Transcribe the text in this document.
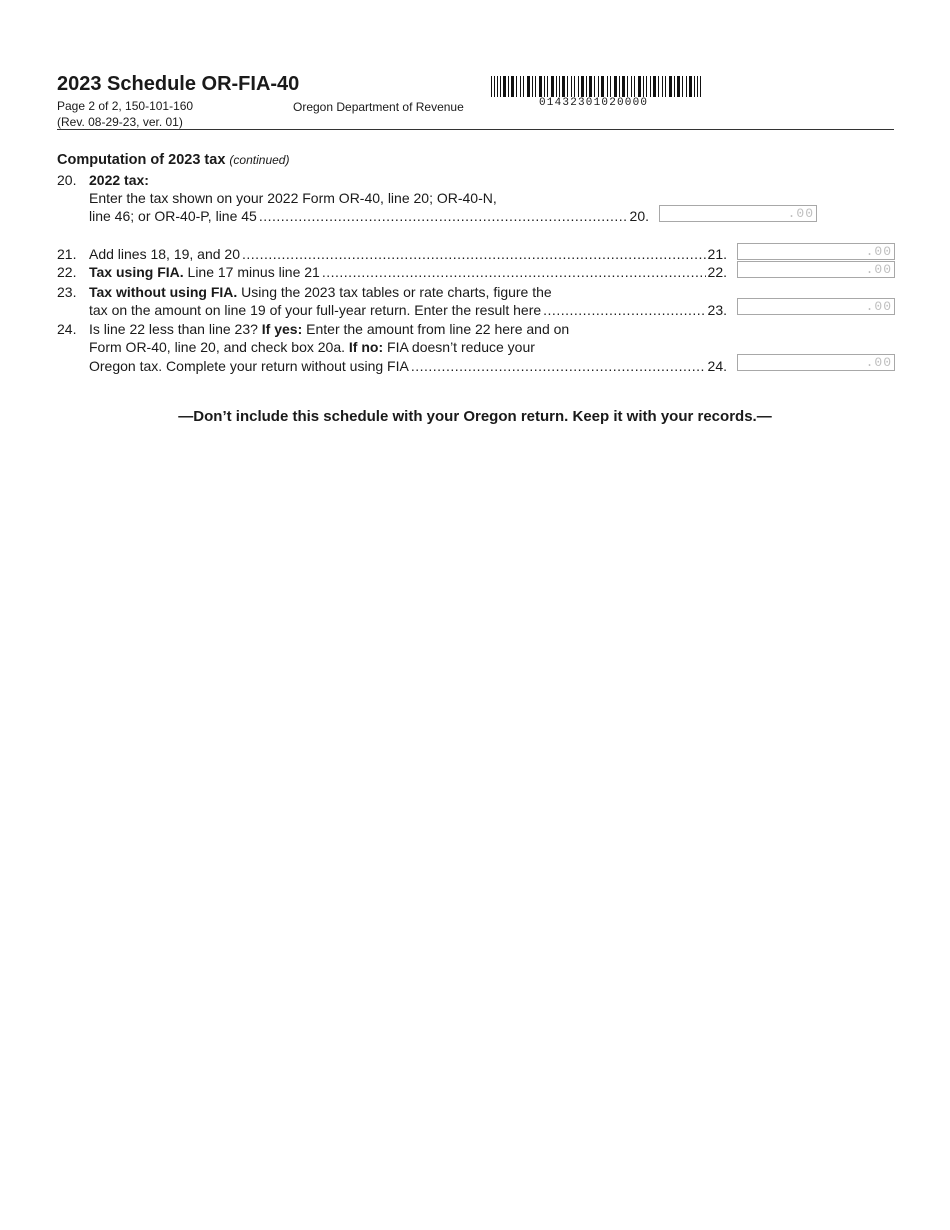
2023 Schedule OR-FIA-40
Page 2 of 2, 150-101-160
(Rev. 08-29-23, ver. 01)
Oregon Department of Revenue	01432301020000
Computation of 2023 tax (continued)
20. 2022 tax:
Enter the tax shown on your 2022 Form OR-40, line 20; OR-40-N,
line 46; or OR-40-P, line 45 .....	20.	.00
21. Add lines 18, 19, and 20 .....	21.	.00
22. Tax using FIA. Line 17 minus line 21 .....	22.	.00
23. Tax without using FIA. Using the 2023 tax tables or rate charts, figure the
tax on the amount on line 19 of your full-year return. Enter the result here .....	23.	.00
24. Is line 22 less than line 23? If yes: Enter the amount from line 22 here and on
Form OR-40, line 20, and check box 20a. If no: FIA doesn’t reduce your
Oregon tax. Complete your return without using FIA .....	24.	.00
—Don’t include this schedule with your Oregon return. Keep it with your records.—
